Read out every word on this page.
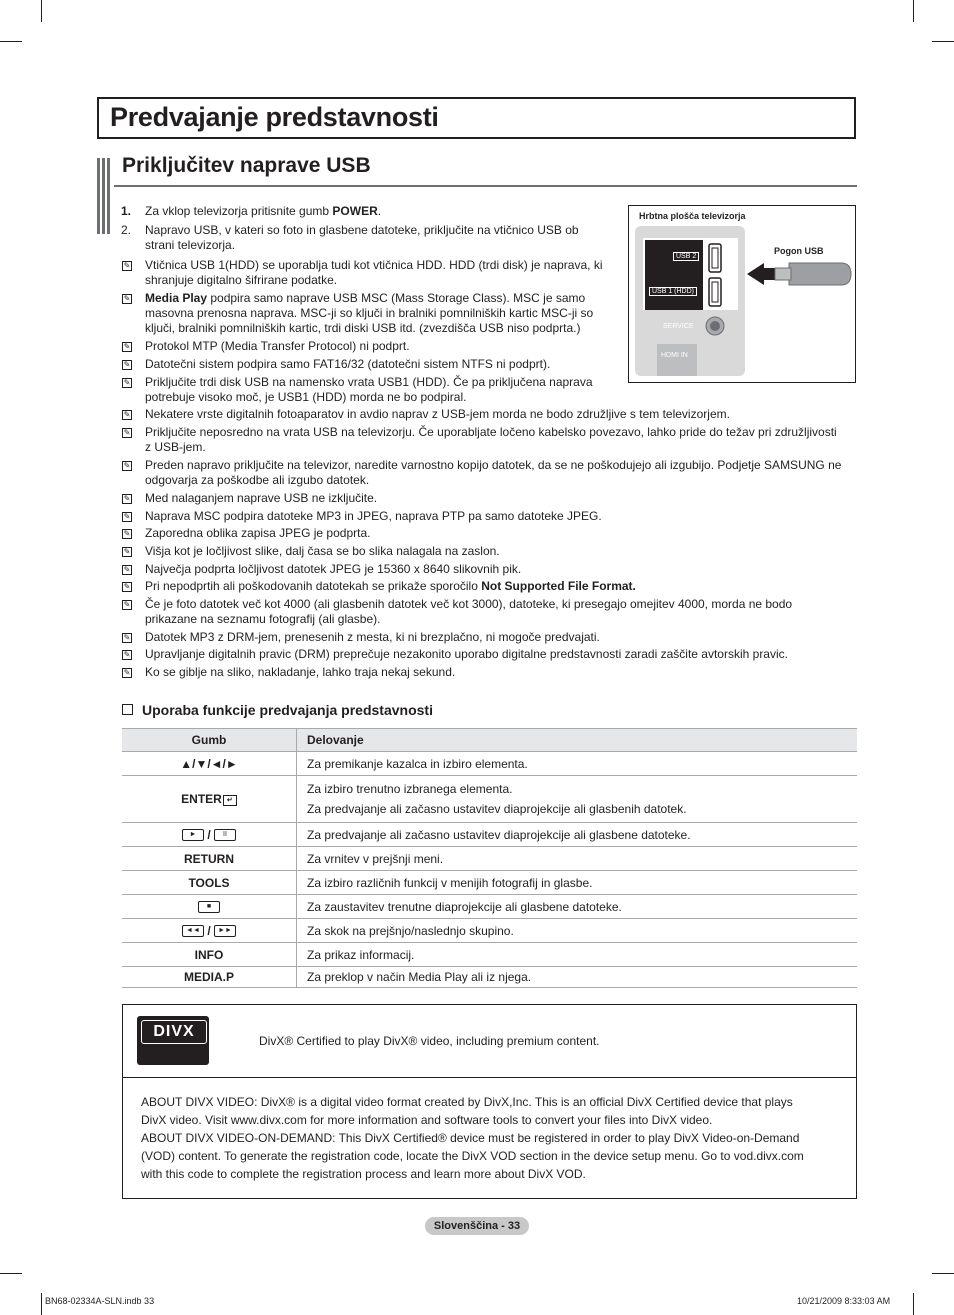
Predvajanje predstavnosti
Priključitev naprave USB
1. Za vklop televizorja pritisnite gumb POWER.
2. Napravo USB, v kateri so foto in glasbene datoteke, priključite na vtičnico USB ob strani televizorja.
✎ Vtičnica USB 1(HDD) se uporablja tudi kot vtičnica HDD. HDD (trdi disk) je naprava, ki
shranjuje digitalno šifrirane podatke.
✎ Media Play podpira samo naprave USB MSC (Mass Storage Class). MSC je samo
masovna prenosna naprava. MSC-ji so ključi in bralniki pomnilniških kartic MSC-ji so
ključi, bralniki pomnilniških kartic, trdi diski USB itd. (zvezdišča USB niso podprta.)
✎ Protokol MTP (Media Transfer Protocol) ni podprt.
✎ Datotečni sistem podpira samo FAT16/32 (datotečni sistem NTFS ni podprt).
✎ Priključite trdi disk USB na namensko vrata USB1 (HDD). Če pa priključena naprava
potrebuje visoko moč, je USB1 (HDD) morda ne bo podpiral.
✎ Nekatere vrste digitalnih fotoaparatov in avdio naprav z USB-jem morda ne bodo združljive s tem televizorjem.
✎ Priključite neposredno na vrata USB na televizorju. Če uporabljate ločeno kabelsko povezavo, lahko pride do težav pri združljivosti
z USB-jem.
✎ Preden napravo priključite na televizor, naredite varnostno kopijo datotek, da se ne poškodujejo ali izgubijo. Podjetje SAMSUNG ne
odgovarja za poškodbe ali izgubo datotek.
✎ Med nalaganjem naprave USB ne izključite.
✎ Naprava MSC podpira datoteke MP3 in JPEG, naprava PTP pa samo datoteke JPEG.
✎ Zaporedna oblika zapisa JPEG je podprta.
✎ Višja kot je ločljivost slike, dalj časa se bo slika nalagala na zaslon.
✎ Največja podprta ločljivost datotek JPEG je 15360 x 8640 slikovnih pik.
✎ Pri nepodprtih ali poškodovanih datotekah se prikaže sporočilo Not Supported File Format.
✎ Če je foto datotek več kot 4000 (ali glasbenih datotek več kot 3000), datoteke, ki presegajo omejitev 4000, morda ne bodo
prikazane na seznamu fotografij (ali glasbe).
✎ Datotek MP3 z DRM-jem, prenesenih z mesta, ki ni brezplačno, ni mogoče predvajati.
✎ Upravljanje digitalnih pravic (DRM) preprečuje nezakonito uporabo digitalne predstavnosti zaradi zaščite avtorskih pravic.
✎ Ko se giblje na sliko, nakladanje, lahko traja nekaj sekund.
Hrbtna plošča televizorja
USB 2
USB 1 (HDD)
SERVICE
HDMI IN
Pogon USB
Uporaba funkcije predvajanja predstavnosti
Gumb	Delovanje
▲/▼/◄/►	Za premikanje kazalca in izbiro elementa.
ENTER ↵	Za izbiro trenutno izbranega elementa.
Za predvajanje ali začasno ustavitev diaprojekcije ali glasbenih datotek.
► / II	Za predvajanje ali začasno ustavitev diaprojekcije ali glasbene datoteke.
RETURN	Za vrnitev v prejšnji meni.
TOOLS	Za izbiro različnih funkcij v menijih fotografij in glasbe.
■	Za zaustavitev trenutne diaprojekcije ali glasbene datoteke.
◄◄ / ►►	Za skok na prejšnjo/naslednjo skupino.
INFO	Za prikaz informacij.
MEDIA.P	Za preklop v način Media Play ali iz njega.
DIVX
DivX® Certified to play DivX® video, including premium content.
ABOUT DIVX VIDEO: DivX® is a digital video format created by DivX,Inc. This is an official DivX Certified device that plays
DivX video. Visit www.divx.com for more information and software tools to convert your files into DivX video.
ABOUT DIVX VIDEO-ON-DEMAND: This DivX Certified® device must be registered in order to play DivX Video-on-Demand
(VOD) content. To generate the registration code, locate the DivX VOD section in the device setup menu. Go to vod.divx.com
with this code to complete the registration process and learn more about DivX VOD.
Slovenščina - 33
BN68-02334A-SLN.indb 33	10/21/2009 8:33:03 AM
